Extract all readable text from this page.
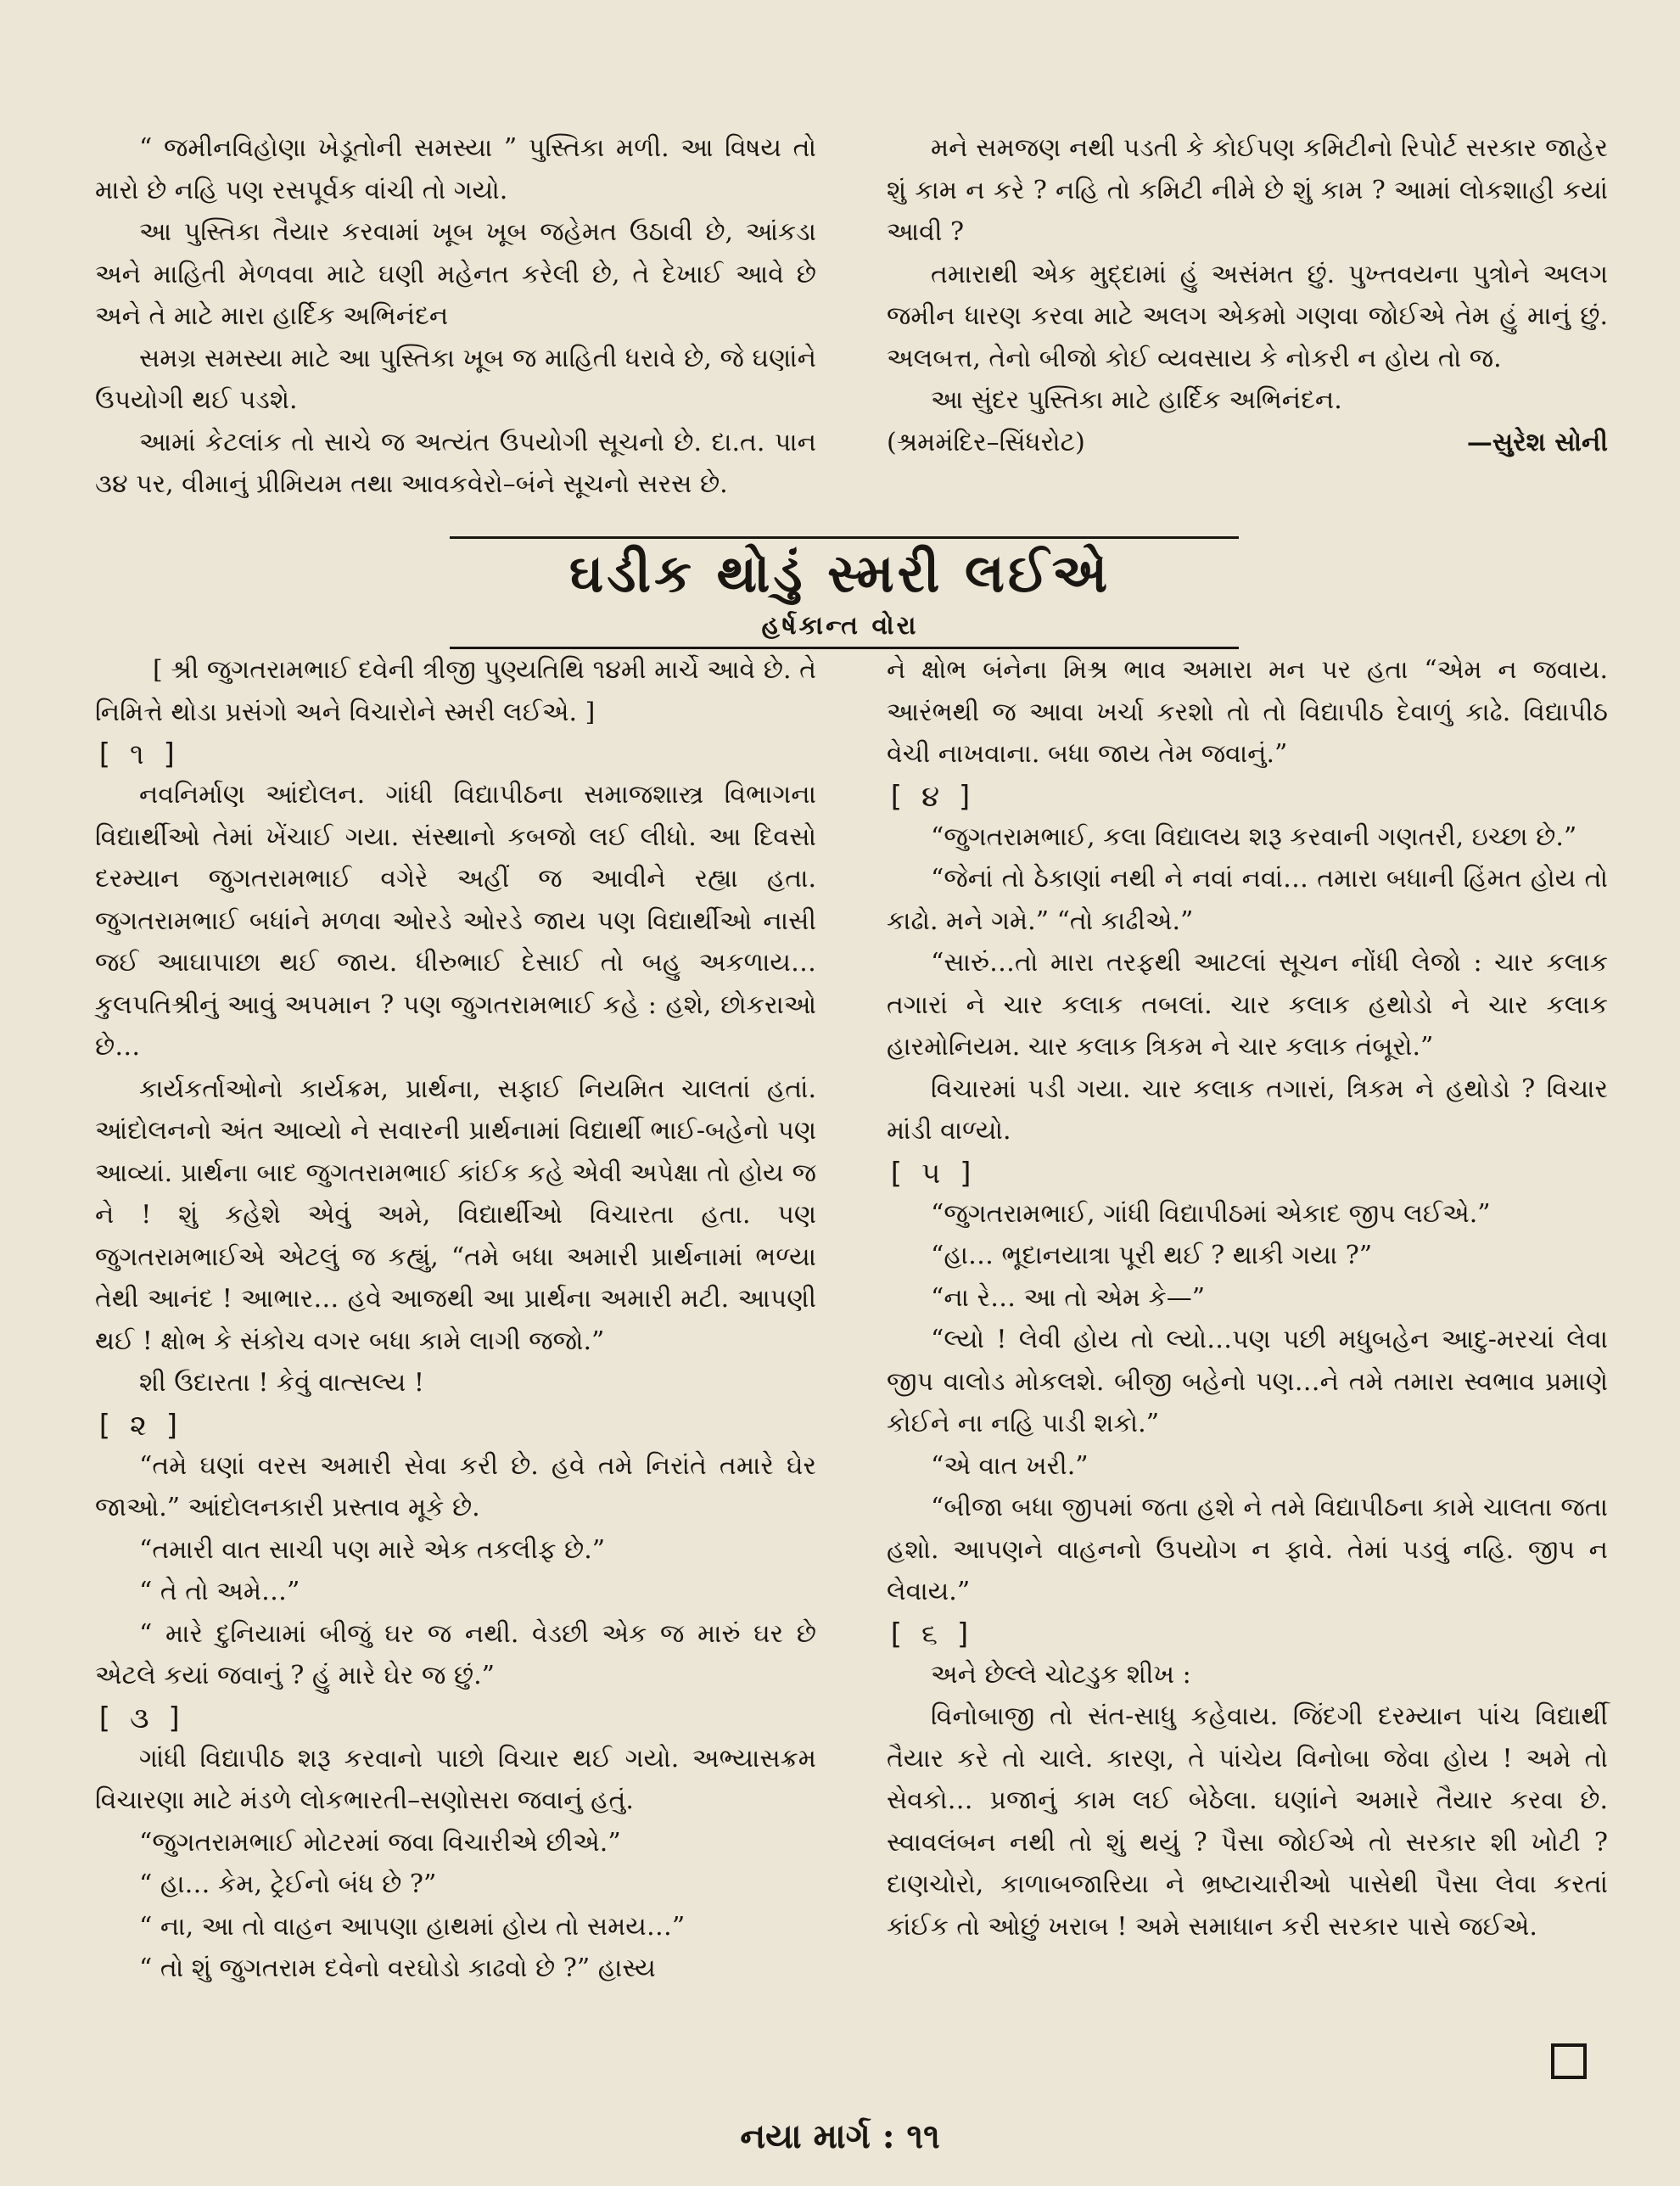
“ જમીનવિહોણા ખેડૂતોની સમસ્યા ” પુસ્તિકા મળી. આ વિષય તો મારો છે નહિ પણ રસપૂર્વક વાંચી તો ગયો.

આ પુસ્તિકા તૈયાર કરવામાં ખૂબ ખૂબ જહેમત ઉઠાવી છે, આંકડા અને માહિતી મેળવવા માટે ઘણી મહેનત કરેલી છે, તે દેખાઈ આવે છે અને તે માટે મારા હાર્દિક અભિનંદન

સમગ્ર સમસ્યા માટે આ પુસ્તિકા ખૂબ જ માહિતી ધરાવે છે, જે ઘણાંને ઉપયોગી થઈ પડશે.

આમાં કેટલાંક તો સાચે જ અત્યંત ઉપયોગી સૂચનો છે. દા.ત. પાન ૩૪ પર, વીમાનું પ્રીમિયમ તથા આવકવેરો–બંને સૂચનો સરસ છે.

મને સમજણ નથી પડતી કે કોઈપણ કમિટીનો રિપોર્ટ સરકાર જાહેર શું કામ ન કરે ? નહિ તો કમિટી નીમે છે શું કામ ? આમાં લોકશાહી કયાં આવી ?

તમારાથી એક મુદ્દામાં હું અસંમત છું. પુખ્તવયના પુત્રોને અલગ જમીન ધારણ કરવા માટે અલગ એકમો ગણવા જોઈએ તેમ હું માનું છું. અલબત્ત, તેનો બીજો કોઈ વ્યવસાય કે નોકરી ન હોય તો જ.

આ સુંદર પુસ્તિકા માટે હાર્દિક અભિનંદન.

(શ્રમમંદિર–સિંધરોટ)	—સુરેશ સોની
ઘડીક થોડું સ્મરી લઈએ
હર્ષકાન્ત વોરા

[ શ્રી જુગતરામભાઈ દવેની ત્રીજી પુણ્યતિથિ ૧૪મી માર્ચે આવે છે. તે નિમિત્તે થોડા પ્રસંગો અને વિચારોને સ્મરી લઈએ. ]

[ ૧ ]

નવનિર્માણ આંદોલન. ગાંધી વિદ્યાપીઠના સમાજશાસ્ત્ર વિભાગના વિદ્યાર્થીઓ તેમાં ખેંચાઈ ગયા. સંસ્થાનો કબજો લઈ લીધો. આ દિવસો દરમ્યાન જુગતરામભાઈ વગેરે અહીં જ આવીને રહ્યા હતા. જુગતરામભાઈ બધાંને મળવા ઓરડે ઓરડે જાય પણ વિદ્યાર્થીઓ નાસી જઈ આઘાપાછા થઈ જાય. ધીરુભાઈ દેસાઈ તો બહુ અકળાય… કુલપતિશ્રીનું આવું અપમાન ? પણ જુગતરામભાઈ કહે : હશે, છોકરાઓ છે…

કાર્યકર્તાઓનો કાર્યક્રમ, પ્રાર્થના, સફાઈ નિયમિત ચાલતાં હતાં. આંદોલનનો અંત આવ્યો ને સવારની પ્રાર્થનામાં વિદ્યાર્થી ભાઈ-બહેનો પણ આવ્યાં. પ્રાર્થના બાદ જુગતરામભાઈ કાંઈક કહે એવી અપેક્ષા તો હોય જ ને ! શું કહેશે એવું અમે, વિદ્યાર્થીઓ વિચારતા હતા. પણ જુગતરામભાઈએ એટલું જ કહ્યું, “તમે બધા અમારી પ્રાર્થનામાં ભળ્યા તેથી આનંદ ! આભાર… હવે આજથી આ પ્રાર્થના અમારી મટી. આપણી થઈ ! ક્ષોભ કે સંકોચ વગર બધા કામે લાગી જજો.”

શી ઉદારતા ! કેવું વાત્સલ્ય !

[ ૨ ]

“તમે ઘણાં વરસ અમારી સેવા કરી છે. હવે તમે નિરાંતે તમારે ઘેર જાઓ.” આંદોલનકારી પ્રસ્તાવ મૂકે છે.

“તમારી વાત સાચી પણ મારે એક તકલીફ છે.”

“ તે તો અમે…”

“ મારે દુનિયામાં બીજું ઘર જ નથી. વેડછી એક જ મારું ઘર છે એટલે કયાં જવાનું ? હું મારે ઘેર જ છું.”

[ ૩ ]

ગાંધી વિદ્યાપીઠ શરૂ કરવાનો પાછો વિચાર થઈ ગયો. અભ્યાસક્રમ વિચારણા માટે મંડળે લોકભારતી–સણોસરા જવાનું હતું.

“જુગતરામભાઈ મોટરમાં જવા વિચારીએ છીએ.”

“ હા… કેમ, ટ્રેઈનો બંધ છે ?”

“ ના, આ તો વાહન આપણા હાથમાં હોય તો સમય…”

“ તો શું જુગતરામ દવેનો વરઘોડો કાઢવો છે ?” હાસ્ય

ને ક્ષોભ બંનેના મિશ્ર ભાવ અમારા મન પર હતા “એમ ન જવાય. આરંભથી જ આવા ખર્ચા કરશો તો તો વિદ્યાપીઠ દેવાળું કાઢે. વિદ્યાપીઠ વેચી નાખવાના. બધા જાય તેમ જવાનું.”

[ ૪ ]

“જુગતરામભાઈ, કલા વિદ્યાલય શરૂ કરવાની ગણતરી, ઇચ્છા છે.”

“જેનાં તો ઠેકાણાં નથી ને નવાં નવાં… તમારા બધાની હિંમત હોય તો કાઢો. મને ગમે.” “તો કાઢીએ.”

“સારું…તો મારા તરફથી આટલાં સૂચન નોંધી લેજો : ચાર કલાક તગારાં ને ચાર કલાક તબલાં. ચાર કલાક હથોડો ને ચાર કલાક હારમોનિયમ. ચાર કલાક ત્રિકમ ને ચાર કલાક તંબૂરો.”

વિચારમાં પડી ગયા. ચાર કલાક તગારાં, ત્રિકમ ને હથોડો ? વિચાર માંડી વાળ્યો.

[ ૫ ]

“જુગતરામભાઈ, ગાંધી વિદ્યાપીઠમાં એકાદ જીપ લઈએ.”

“હા… ભૂદાનયાત્રા પૂરી થઈ ? થાકી ગયા ?”

“ના રે… આ તો એમ કે—”

“લ્યો ! લેવી હોય તો લ્યો…પણ પછી મધુબહેન આદુ-મરચાં લેવા જીપ વાલોડ મોકલશે. બીજી બહેનો પણ…ને તમે તમારા સ્વભાવ પ્રમાણે કોઈને ના નહિ પાડી શકો.”

“એ વાત ખરી.”

“બીજા બધા જીપમાં જતા હશે ને તમે વિદ્યાપીઠના કામે ચાલતા જતા હશો. આપણને વાહનનો ઉપયોગ ન ફાવે. તેમાં પડવું નહિ. જીપ ન લેવાય.”

[ ૬ ]

અને છેલ્લે ચોટડુક શીખ :

વિનોબાજી તો સંત-સાધુ કહેવાય. જિંદગી દરમ્યાન પાંચ વિદ્યાર્થી તૈયાર કરે તો ચાલે. કારણ, તે પાંચેય વિનોબા જેવા હોય ! અમે તો સેવકો… પ્રજાનું કામ લઈ બેઠેલા. ઘણાંને અમારે તૈયાર કરવા છે. સ્વાવલંબન નથી તો શું થયું ? પૈસા જોઈએ તો સરકાર શી ખોટી ? દાણચોરો, કાળાબજારિયા ને ભ્રષ્ટાચારીઓ પાસેથી પૈસા લેવા કરતાં કાંઈક તો ઓછું ખરાબ ! અમે સમાધાન કરી સરકાર પાસે જઈએ.

નયા માર્ગ : ૧૧
